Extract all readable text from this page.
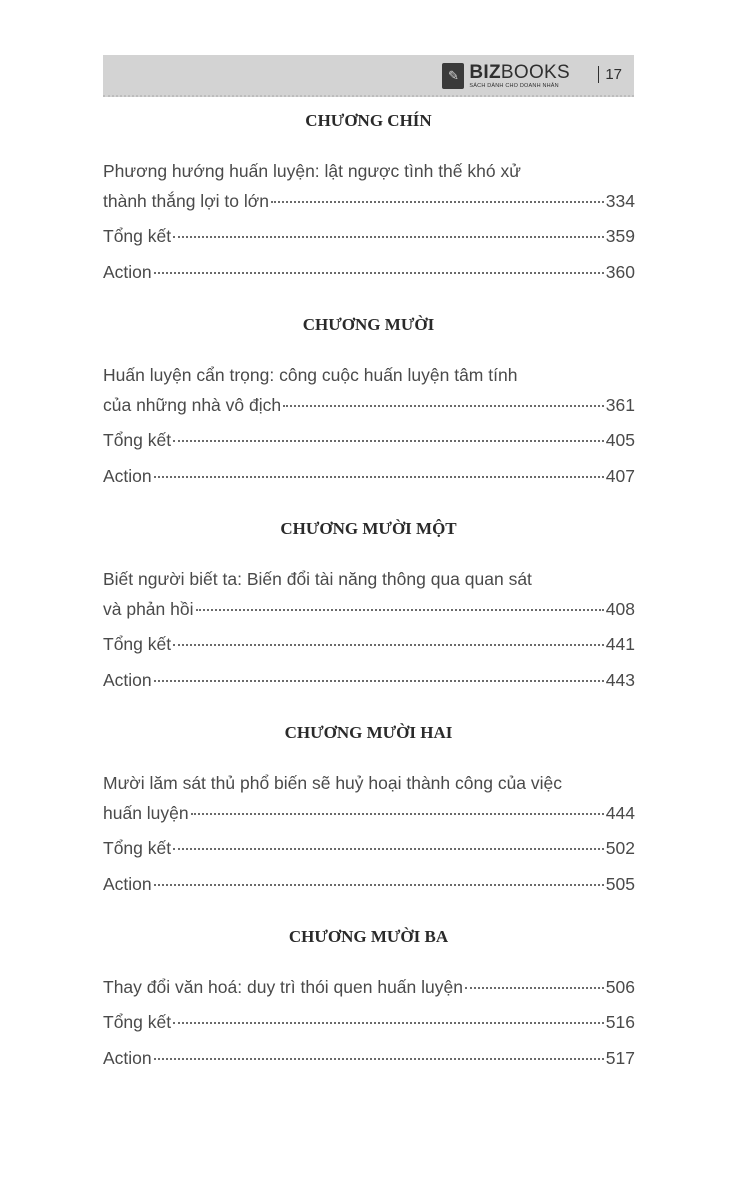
✎ BIZBOOKS
SÁCH DÀNH CHO DOANH NHÂN
17
CHƯƠNG CHÍN
Phương hướng huấn luyện: lật ngược tình thế khó xử
thành thắng lợi to lớn	334
Tổng kết	359
Action	360
CHƯƠNG MƯỜI
Huấn luyện cẩn trọng: công cuộc huấn luyện tâm tính
của những nhà vô địch	361
Tổng kết	405
Action	407
CHƯƠNG MƯỜI MỘT
Biết người biết ta: Biến đổi tài năng thông qua quan sát
và phản hồi	408
Tổng kết	441
Action	443
CHƯƠNG MƯỜI HAI
Mười lăm sát thủ phổ biến sẽ huỷ hoại thành công của việc
huấn luyện	444
Tổng kết	502
Action	505
CHƯƠNG MƯỜI BA
Thay đổi văn hoá: duy trì thói quen huấn luyện	506
Tổng kết	516
Action	517
